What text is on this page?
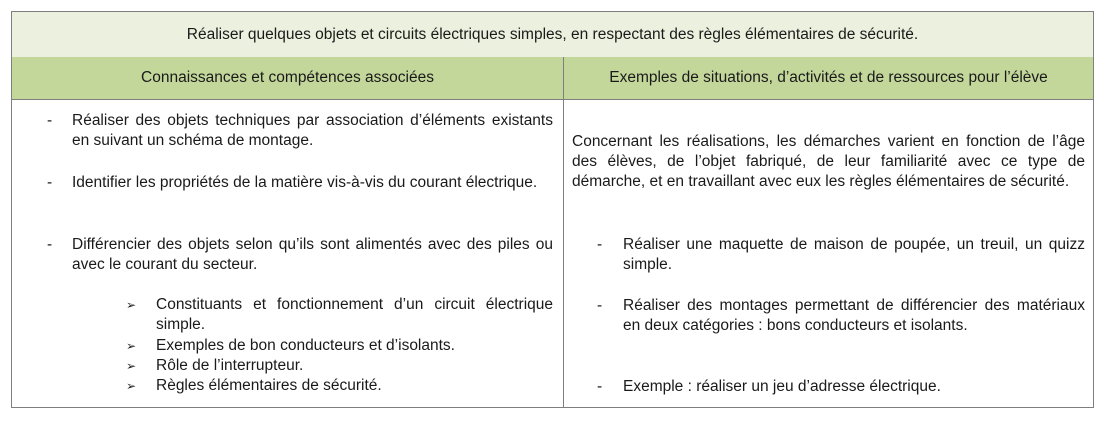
Réaliser quelques objets et circuits électriques simples, en respectant des règles élémentaires de sécurité.
Connaissances et compétences associées	Exemples de situations, d’activités et de ressources pour l’élève
- Réaliser des objets techniques par association d’éléments existants en suivant un schéma de montage.
- Identifier les propriétés de la matière vis-à-vis du courant électrique.
- Différencier des objets selon qu’ils sont alimentés avec des piles ou avec le courant du secteur.
➢ Constituants et fonctionnement d’un circuit électrique simple.
➢ Exemples de bon conducteurs et d’isolants.
➢ Rôle de l’interrupteur.
➢ Règles élémentaires de sécurité.
Concernant les réalisations, les démarches varient en fonction de l’âge des élèves, de l’objet fabriqué, de leur familiarité avec ce type de démarche, et en travaillant avec eux les règles élémentaires de sécurité.
- Réaliser une maquette de maison de poupée, un treuil, un quizz simple.
- Réaliser des montages permettant de différencier des matériaux en deux catégories : bons conducteurs et isolants.
- Exemple : réaliser un jeu d’adresse électrique.
